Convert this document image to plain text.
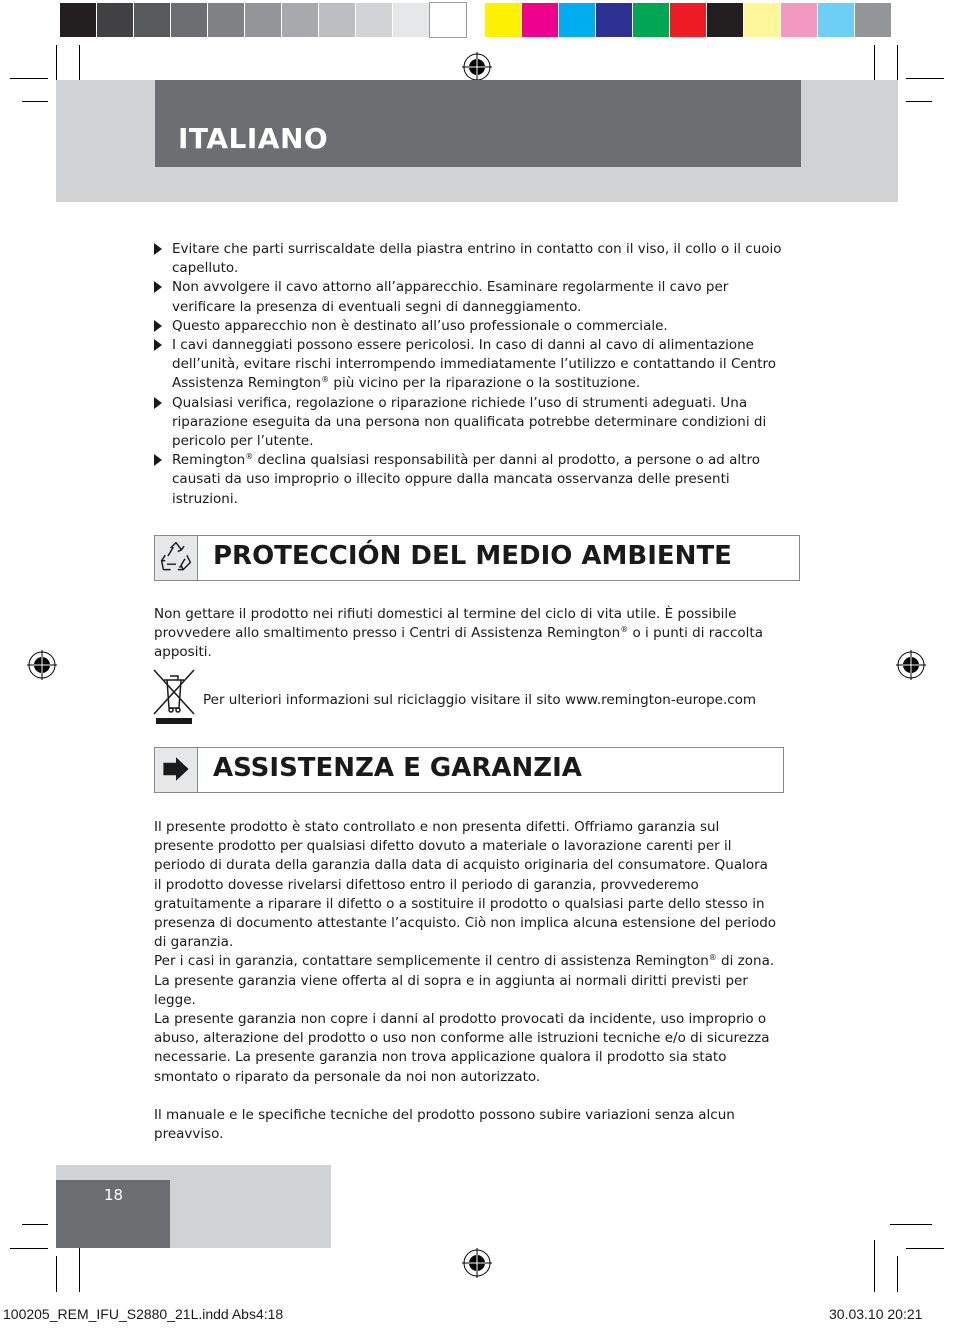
ITALIANO
Evitare che parti surriscaldate della piastra entrino in contatto con il viso, il collo o il cuoio capelluto.
Non avvolgere il cavo attorno all’apparecchio. Esaminare regolarmente il cavo per verificare la presenza di eventuali segni di danneggiamento.
Questo apparecchio non è destinato all’uso professionale o commerciale.
I cavi danneggiati possono essere pericolosi. In caso di danni al cavo di alimentazione dell’unità, evitare rischi interrompendo immediatamente l’utilizzo e contattando il Centro Assistenza Remington® più vicino per la riparazione o la sostituzione.
Qualsiasi verifica, regolazione o riparazione richiede l’uso di strumenti adeguati. Una riparazione eseguita da una persona non qualificata potrebbe determinare condizioni di pericolo per l’utente.
Remington® declina qualsiasi responsabilità per danni al prodotto, a persone o ad altro causati da uso improprio o illecito oppure dalla mancata osservanza delle presenti istruzioni.
PROTECCIÓN DEL MEDIO AMBIENTE
Non gettare il prodotto nei rifiuti domestici al termine del ciclo di vita utile. È possibile provvedere allo smaltimento presso i Centri di Assistenza Remington® o i punti di raccolta appositi.
Per ulteriori informazioni sul riciclaggio visitare il sito www.remington-europe.com
ASSISTENZA E GARANZIA
Il presente prodotto è stato controllato e non presenta difetti. Offriamo garanzia sul presente prodotto per qualsiasi difetto dovuto a materiale o lavorazione carenti per il periodo di durata della garanzia dalla data di acquisto originaria del consumatore. Qualora il prodotto dovesse rivelarsi difettoso entro il periodo di garanzia, provvederemo gratuitamente a riparare il difetto o a sostituire il prodotto o qualsiasi parte dello stesso in presenza di documento attestante l’acquisto. Ciò non implica alcuna estensione del periodo di garanzia.
Per i casi in garanzia, contattare semplicemente il centro di assistenza Remington® di zona. La presente garanzia viene offerta al di sopra e in aggiunta ai normali diritti previsti per legge.
La presente garanzia non copre i danni al prodotto provocati da incidente, uso improprio o abuso, alterazione del prodotto o uso non conforme alle istruzioni tecniche e/o di sicurezza necessarie. La presente garanzia non trova applicazione qualora il prodotto sia stato smontato o riparato da personale da noi non autorizzato.
Il manuale e le specifiche tecniche del prodotto possono subire variazioni senza alcun preavviso.
18
100205_REM_IFU_S2880_21L.indd Abs4:18	30.03.10 20:21
